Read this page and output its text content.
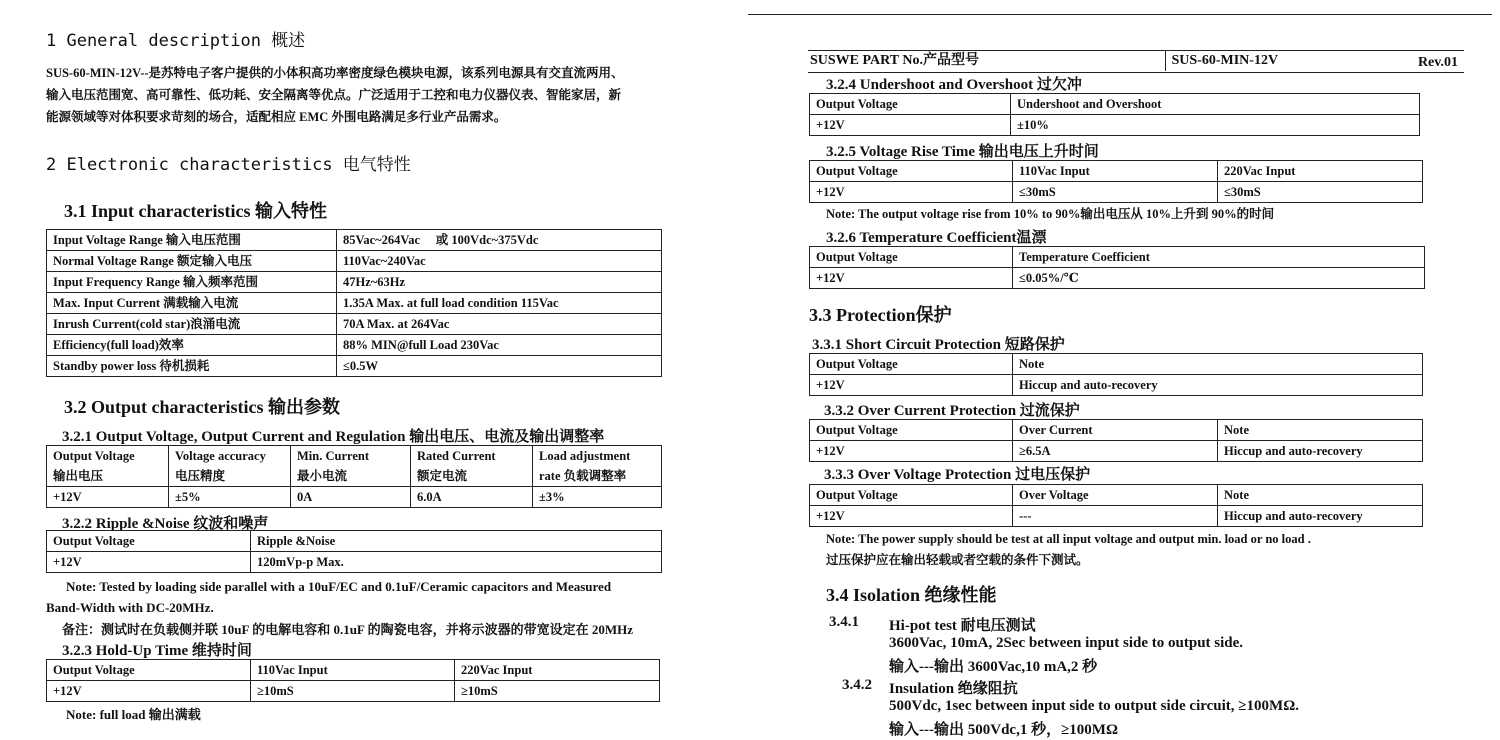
1 General description 概述
SUS-60-MIN-12V--是苏特电子客户提供的小体积高功率密度绿色模块电源，该系列电源具有交直流两用、
输入电压范围宽、高可靠性、低功耗、安全隔离等优点。广泛适用于工控和电力仪器仪表、智能家居，新
能源领域等对体积要求苛刻的场合，适配相应 EMC 外围电路满足多行业产品需求。
2 Electronic characteristics 电气特性
3.1 Input characteristics 输入特性
Input Voltage Range 输入电压范围	85Vac~264Vac　 或 100Vdc~375Vdc
Normal Voltage Range 额定输入电压	110Vac~240Vac
Input Frequency Range 输入频率范围	47Hz~63Hz
Max. Input Current 满载输入电流	1.35A Max. at full load condition 115Vac
Inrush Current(cold star)浪涌电流	70A Max. at 264Vac
Efficiency(full load)效率	88% MIN@full Load 230Vac
Standby power loss 待机损耗	≤0.5W
3.2 Output characteristics 输出参数
3.2.1 Output Voltage, Output Current and Regulation 输出电压、电流及输出调整率
Output Voltage	Voltage accuracy	Min. Current	Rated Current	Load adjustment
输出电压	电压精度	最小电流	额定电流	rate 负载调整率
+12V	±5%	0A	6.0A	±3%
3.2.2 Ripple &Noise 纹波和噪声
Output Voltage	Ripple &Noise
+12V	120mVp-p Max.
Note: Tested by loading side parallel with a 10uF/EC and 0.1uF/Ceramic capacitors and Measured
Band-Width with DC-20MHz.
备注：测试时在负载侧并联 10uF 的电解电容和 0.1uF 的陶瓷电容，并将示波器的带宽设定在 20MHz
3.2.3 Hold-Up Time 维持时间
Output Voltage	110Vac Input	220Vac Input
+12V	≥10mS	≥10mS
Note: full load 输出满载
SUSWE PART No.产品型号	SUS-60-MIN-12V	Rev.01
3.2.4 Undershoot and Overshoot 过欠冲
Output Voltage	Undershoot and Overshoot
+12V	±10%
3.2.5 Voltage Rise Time 输出电压上升时间
Output Voltage	110Vac Input	220Vac Input
+12V	≤30mS	≤30mS
Note: The output voltage rise from 10% to 90%输出电压从 10%上升到 90%的时间
3.2.6 Temperature Coefficient温漂
Output Voltage	Temperature Coefficient
+12V	≤0.05%/℃
3.3 Protection保护
3.3.1 Short Circuit Protection 短路保护
Output Voltage	Note
+12V	Hiccup and auto-recovery
3.3.2 Over Current Protection 过流保护
Output Voltage	Over Current	Note
+12V	≥6.5A	Hiccup and auto-recovery
3.3.3 Over Voltage Protection 过电压保护
Output Voltage	Over Voltage	Note
+12V	---	Hiccup and auto-recovery
Note: The power supply should be test at all input voltage and output min. load or no load .
过压保护应在输出轻载或者空载的条件下测试。
3.4 Isolation 绝缘性能
3.4.1 Hi-pot test 耐电压测试
3600Vac, 10mA, 2Sec between input side to output side.
输入---输出 3600Vac,10 mA,2 秒
3.4.2 Insulation 绝缘阻抗
500Vdc, 1sec between input side to output side circuit, ≥100MΩ.
输入---输出 500Vdc,1 秒，≥100MΩ
